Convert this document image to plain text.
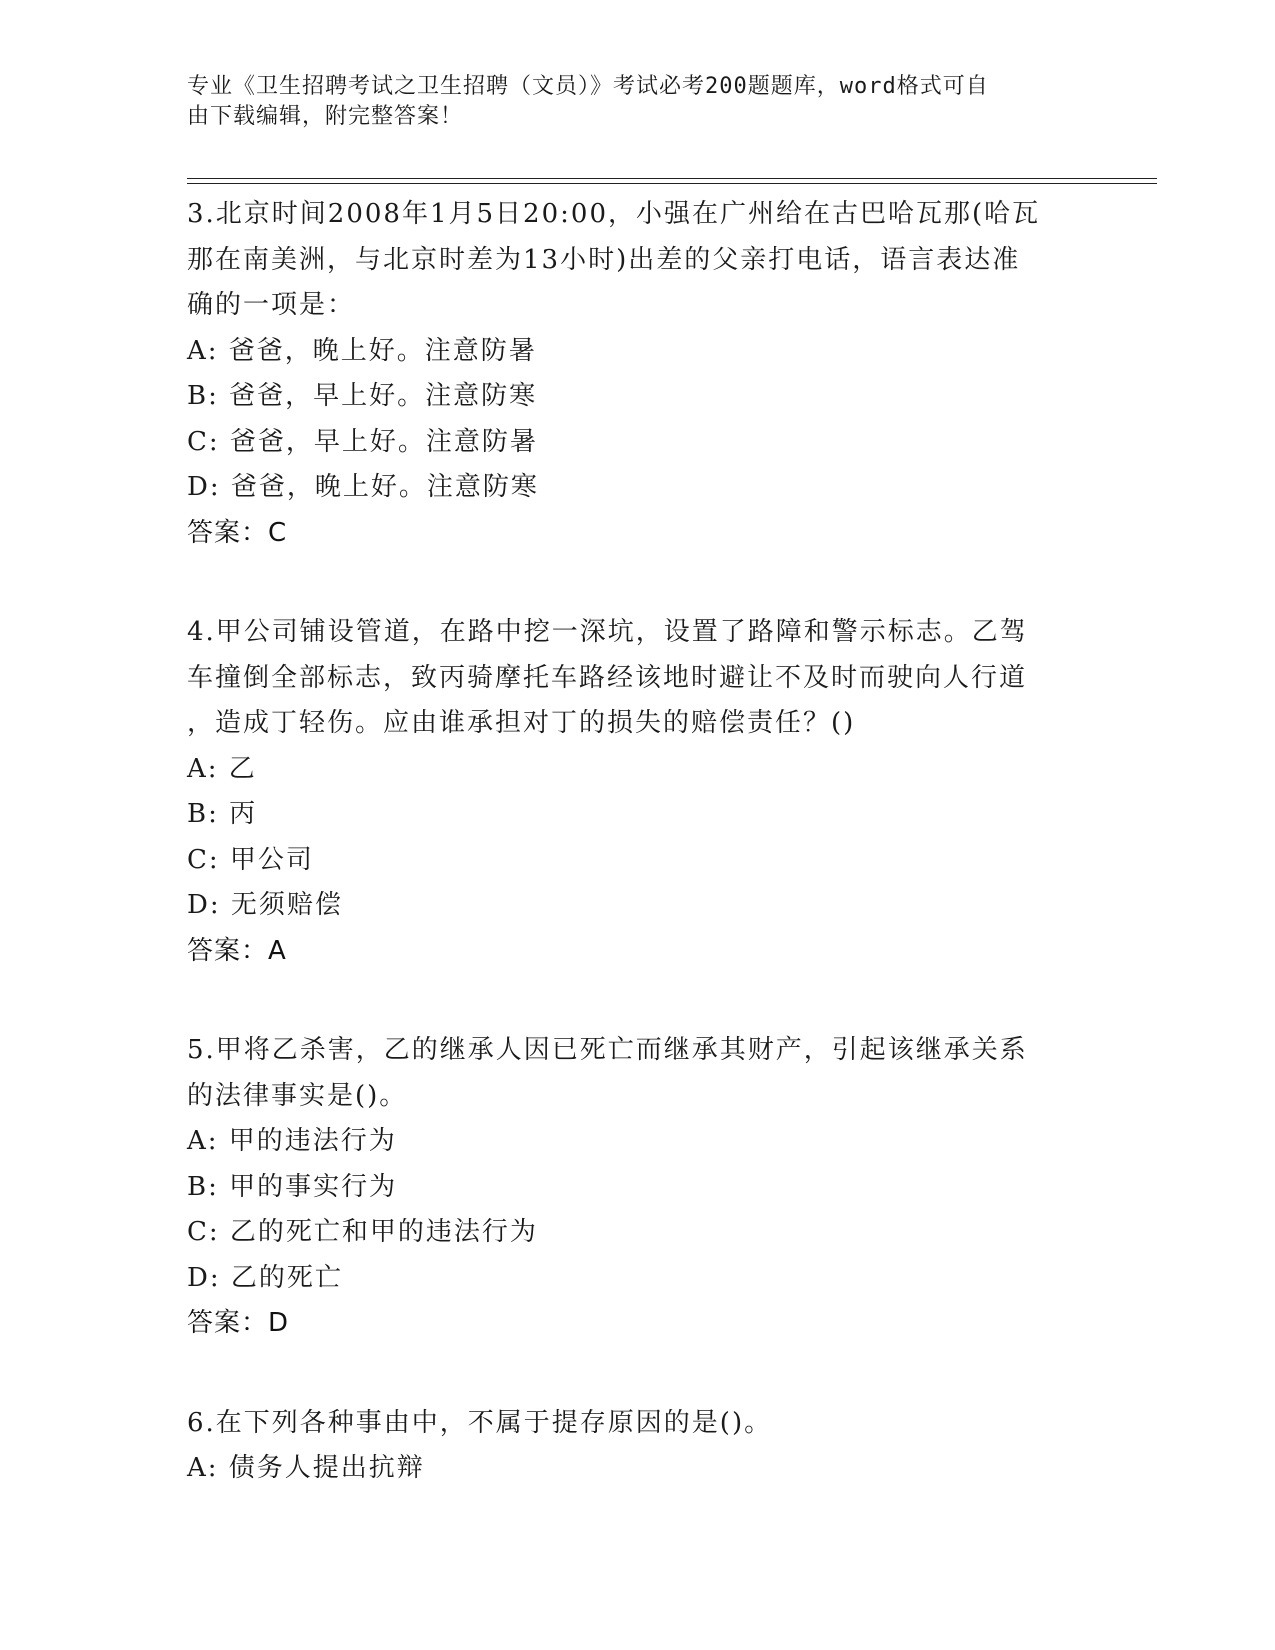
专业《卫生招聘考试之卫生招聘（文员）》考试必考200题题库，word格式可自
由下载编辑，附完整答案！
3.北京时间2008年1月5日20:00，小强在广州给在古巴哈瓦那(哈瓦
那在南美洲，与北京时差为13小时)出差的父亲打电话，语言表达准
确的一项是：
A: 爸爸，晚上好。注意防暑
B: 爸爸，早上好。注意防寒
C: 爸爸，早上好。注意防暑
D: 爸爸，晚上好。注意防寒
答案：C
4.甲公司铺设管道，在路中挖一深坑，设置了路障和警示标志。乙驾
车撞倒全部标志，致丙骑摩托车路经该地时避让不及时而驶向人行道
，造成丁轻伤。应由谁承担对丁的损失的赔偿责任？()
A: 乙
B: 丙
C: 甲公司
D: 无须赔偿
答案：A
5.甲将乙杀害，乙的继承人因已死亡而继承其财产，引起该继承关系
的法律事实是()。
A: 甲的违法行为
B: 甲的事实行为
C: 乙的死亡和甲的违法行为
D: 乙的死亡
答案：D
6.在下列各种事由中，不属于提存原因的是()。
A: 债务人提出抗辩
